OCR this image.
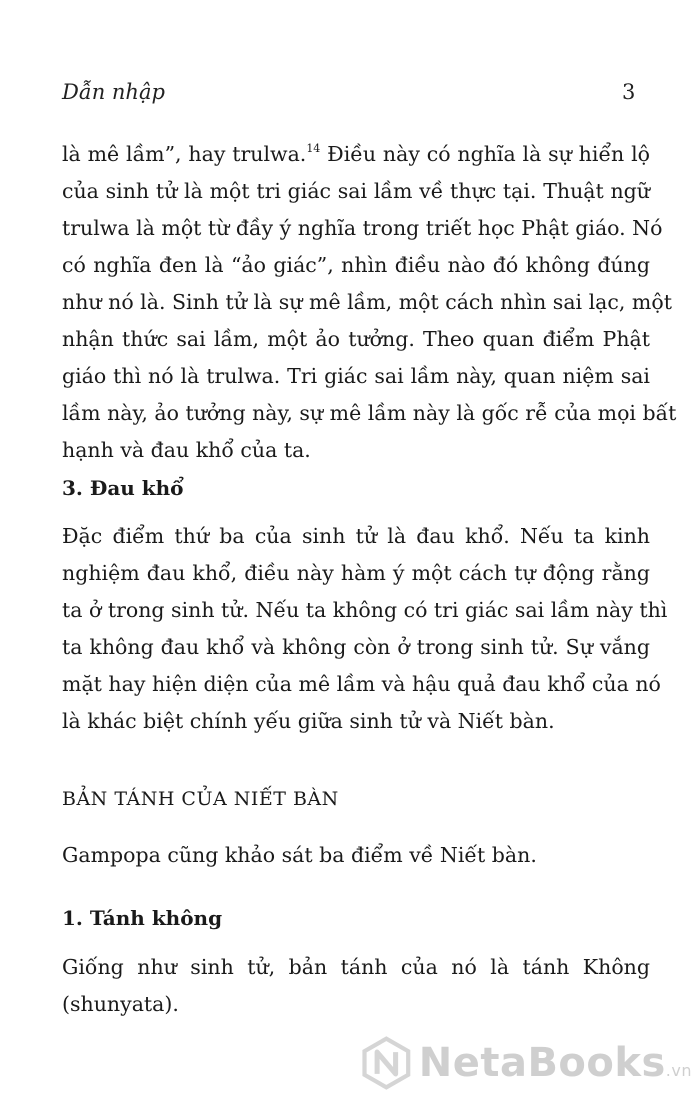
Dẫn nhập	3
là mê lầm”, hay trulwa.$^{14}$ Điều này có nghĩa là sự hiển lộ
của sinh tử là một tri giác sai lầm về thực tại. Thuật ngữ
trulwa là một từ đầy ý nghĩa trong triết học Phật giáo. Nó
có nghĩa đen là “ảo giác”, nhìn điều nào đó không đúng
như nó là. Sinh tử là sự mê lầm, một cách nhìn sai lạc, một
nhận thức sai lầm, một ảo tưởng. Theo quan điểm Phật
giáo thì nó là trulwa. Tri giác sai lầm này, quan niệm sai
lầm này, ảo tưởng này, sự mê lầm này là gốc rễ của mọi bất
hạnh và đau khổ của ta.
3. Đau khổ
Đặc điểm thứ ba của sinh tử là đau khổ. Nếu ta kinh
nghiệm đau khổ, điều này hàm ý một cách tự động rằng
ta ở trong sinh tử. Nếu ta không có tri giác sai lầm này thì
ta không đau khổ và không còn ở trong sinh tử. Sự vắng
mặt hay hiện diện của mê lầm và hậu quả đau khổ của nó
là khác biệt chính yếu giữa sinh tử và Niết bàn.
BẢN TÁNH CỦA NIẾT BÀN
Gampopa cũng khảo sát ba điểm về Niết bàn.
1. Tánh không
Giống như sinh tử, bản tánh của nó là tánh Không
(shunyata).
NetaBooks.vn
